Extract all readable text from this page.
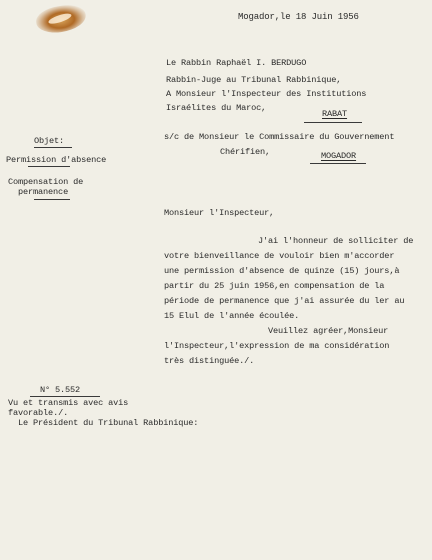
Mogador,le 18 Juin 1956
Le Rabbin Raphaël I. BERDUGO
Rabbin-Juge au Tribunal Rabbinique,
A Monsieur l'Inspecteur des Institutions
Israélites du Maroc,
RABAT
Objet:	s/c de Monsieur le Commissaire du Gouvernement
Chérifien,	MOGADOR
Permission d'absence
Compensation de
permanence
Monsieur l'Inspecteur,
J'ai l'honneur de solliciter de
votre bienveillance de vouloir bien m'accorder
une permission d'absence de quinze (15) jours,à
partir du 25 juin 1956,en compensation de la
période de permanence que j'ai assurée du ler au
15 Elul de l'année écoulée.
Veuillez agréer,Monsieur
l'Inspecteur,l'expression de ma considération
très distinguée./.
N° 5.552
Vu et transmis avec avis
favorable./.
Le Président du Tribunal Rabbinique:
